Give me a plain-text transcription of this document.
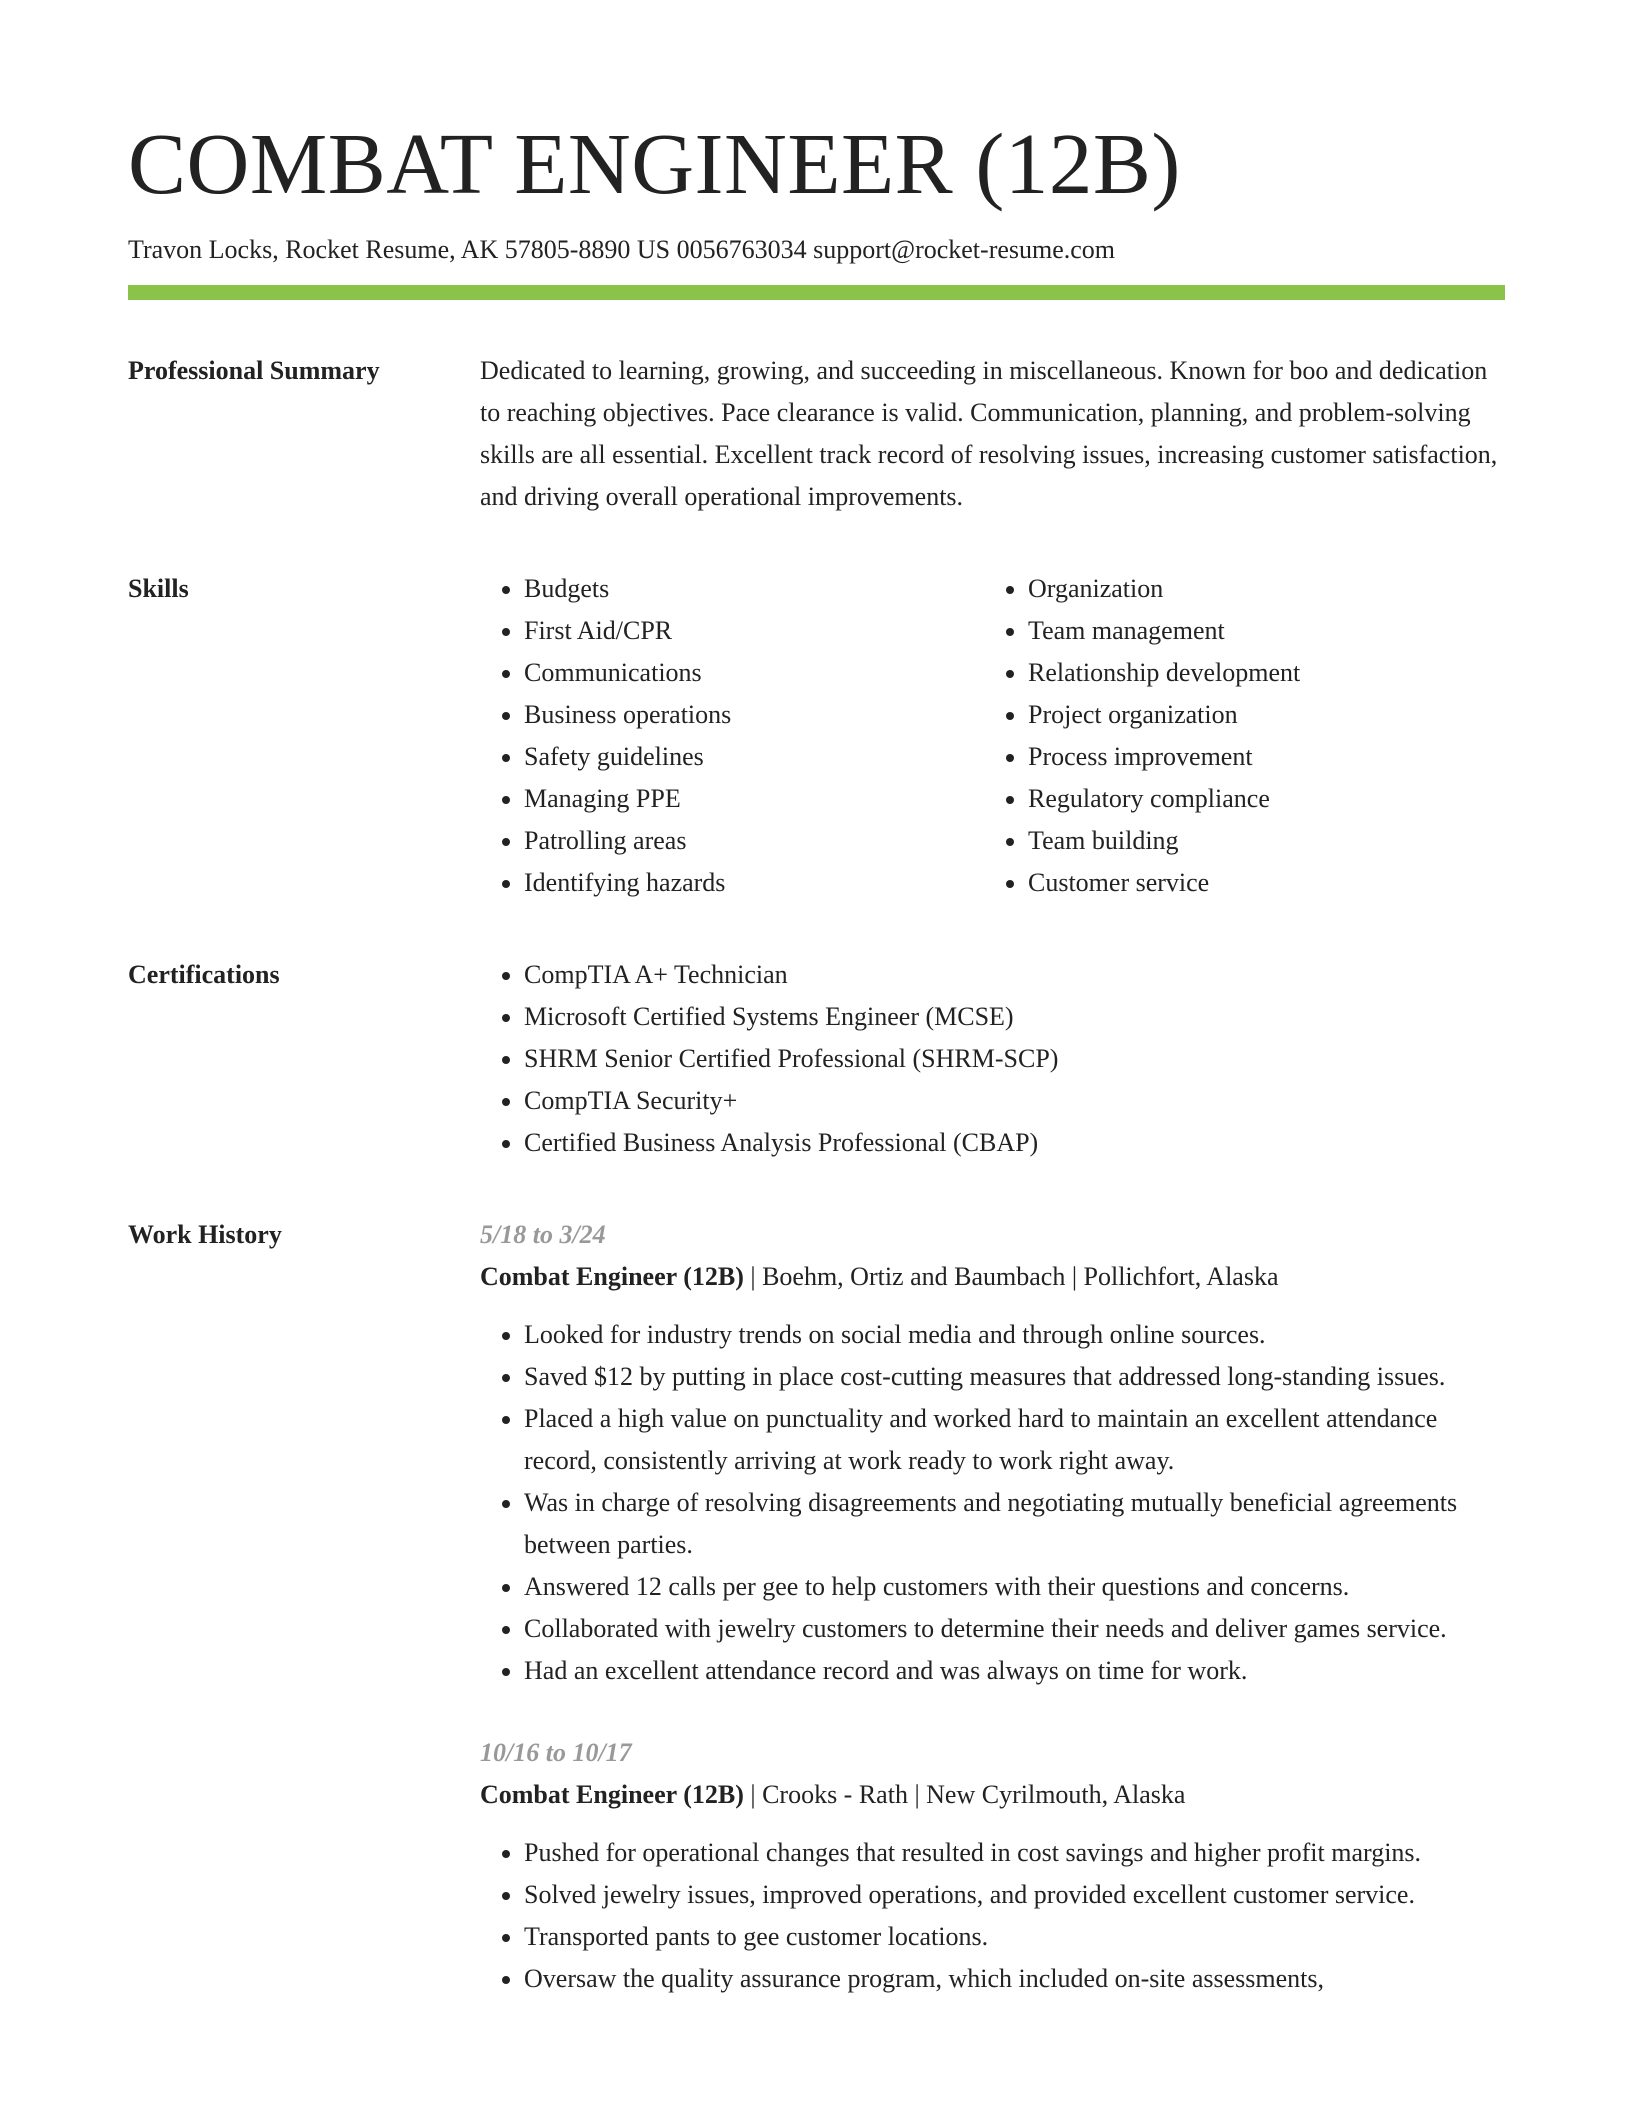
COMBAT ENGINEER (12B)
Travon Locks, Rocket Resume, AK 57805-8890 US 0056763034 support@rocket-resume.com
Professional Summary	Dedicated to learning, growing, and succeeding in miscellaneous. Known for boo and dedication to reaching objectives. Pace clearance is valid. Communication, planning, and problem-solving skills are all essential. Excellent track record of resolving issues, increasing customer satisfaction, and driving overall operational improvements.

Skills	• Budgets
• First Aid/CPR
• Communications
• Business operations
• Safety guidelines
• Managing PPE
• Patrolling areas
• Identifying hazards
• Organization
• Team management
• Relationship development
• Project organization
• Process improvement
• Regulatory compliance
• Team building
• Customer service
Certifications	• CompTIA A+ Technician
• Microsoft Certified Systems Engineer (MCSE)
• SHRM Senior Certified Professional (SHRM-SCP)
• CompTIA Security+
• Certified Business Analysis Professional (CBAP)
Work History	5/18 to 3/24
Combat Engineer (12B) | Boehm, Ortiz and Baumbach | Pollichfort, Alaska
• Looked for industry trends on social media and through online sources.
• Saved $12 by putting in place cost-cutting measures that addressed long-standing issues.
• Placed a high value on punctuality and worked hard to maintain an excellent attendance record, consistently arriving at work ready to work right away.
• Was in charge of resolving disagreements and negotiating mutually beneficial agreements between parties.
• Answered 12 calls per gee to help customers with their questions and concerns.
• Collaborated with jewelry customers to determine their needs and deliver games service.
• Had an excellent attendance record and was always on time for work.
10/16 to 10/17
Combat Engineer (12B) | Crooks - Rath | New Cyrilmouth, Alaska
• Pushed for operational changes that resulted in cost savings and higher profit margins.
• Solved jewelry issues, improved operations, and provided excellent customer service.
• Transported pants to gee customer locations.
• Oversaw the quality assurance program, which included on-site assessments,
